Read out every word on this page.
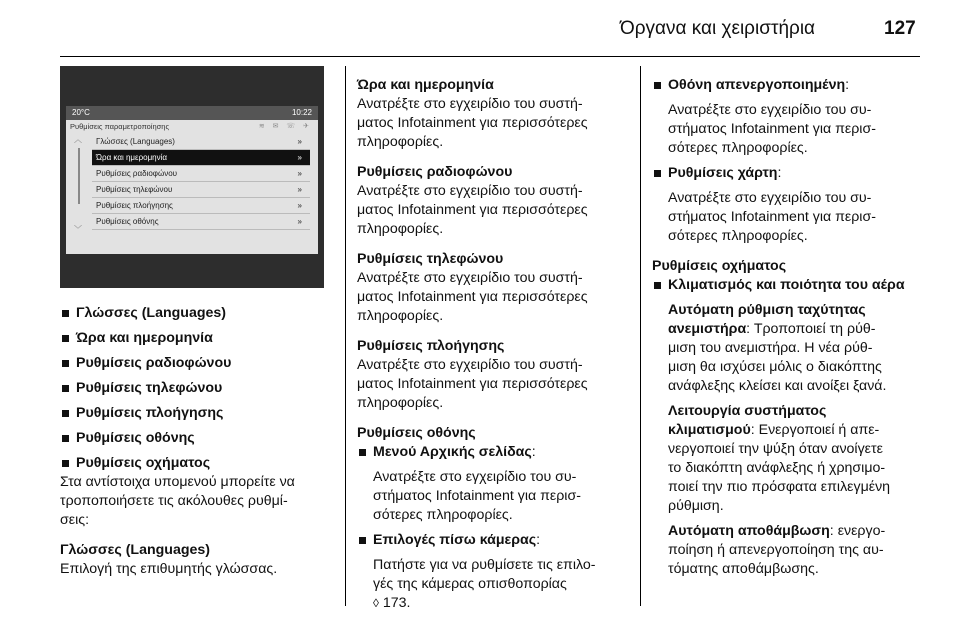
Όργανα και χειριστήρια	127
20°C	10:22
Ρυθμίσεις παραμετροποίησης	≋ ✉ ☏ ✈
︿
﹀
Γλώσσες (Languages)	»
Ώρα και ημερομηνία	»
Ρυθμίσεις ραδιοφώνου	»
Ρυθμίσεις τηλεφώνου	»
Ρυθμίσεις πλοήγησης	»
Ρυθμίσεις οθόνης	»

Γλώσσες (Languages)

Ώρα και ημερομηνία

Ρυθμίσεις ραδιοφώνου

Ρυθμίσεις τηλεφώνου

Ρυθμίσεις πλοήγησης

Ρυθμίσεις οθόνης

Ρυθμίσεις οχήματος

Στα αντίστοιχα υπομενού μπορείτε να
τροποποιήσετε τις ακόλουθες ρυθμί-
σεις:

Γλώσσες (Languages)

Επιλογή της επιθυμητής γλώσσας.

Ώρα και ημερομηνία

Ανατρέξτε στο εγχειρίδιο του συστή-
ματος Infotainment για περισσότερες
πληροφορίες.

Ρυθμίσεις ραδιοφώνου

Ανατρέξτε στο εγχειρίδιο του συστή-
ματος Infotainment για περισσότερες
πληροφορίες.

Ρυθμίσεις τηλεφώνου

Ανατρέξτε στο εγχειρίδιο του συστή-
ματος Infotainment για περισσότερες
πληροφορίες.

Ρυθμίσεις πλοήγησης

Ανατρέξτε στο εγχειρίδιο του συστή-
ματος Infotainment για περισσότερες
πληροφορίες.

Ρυθμίσεις οθόνης

Μενού Αρχικής σελίδας:

Ανατρέξτε στο εγχειρίδιο του συ-
στήματος Infotainment για περισ-
σότερες πληροφορίες.

Επιλογές πίσω κάμερας:

Πατήστε για να ρυθμίσετε τις επιλο-
γές της κάμερας οπισθοπορίας
◊ 173.

Οθόνη απενεργοποιημένη:

Ανατρέξτε στο εγχειρίδιο του συ-
στήματος Infotainment για περισ-
σότερες πληροφορίες.

Ρυθμίσεις χάρτη:

Ανατρέξτε στο εγχειρίδιο του συ-
στήματος Infotainment για περισ-
σότερες πληροφορίες.

Ρυθμίσεις οχήματος

Κλιματισμός και ποιότητα του αέρα

Αυτόματη ρύθμιση ταχύτητας
ανεμιστήρα: Τροποποιεί τη ρύθ-
μιση του ανεμιστήρα. Η νέα ρύθ-
μιση θα ισχύσει μόλις ο διακόπτης
ανάφλεξης κλείσει και ανοίξει ξανά.

Λειτουργία συστήματος
κλιματισμού: Ενεργοποιεί ή απε-
νεργοποιεί την ψύξη όταν ανοίγετε
το διακόπτη ανάφλεξης ή χρησιμο-
ποιεί την πιο πρόσφατα επιλεγμένη
ρύθμιση.

Αυτόματη αποθάμβωση: ενεργο-
ποίηση ή απενεργοποίηση της αυ-
τόματης αποθάμβωσης.
